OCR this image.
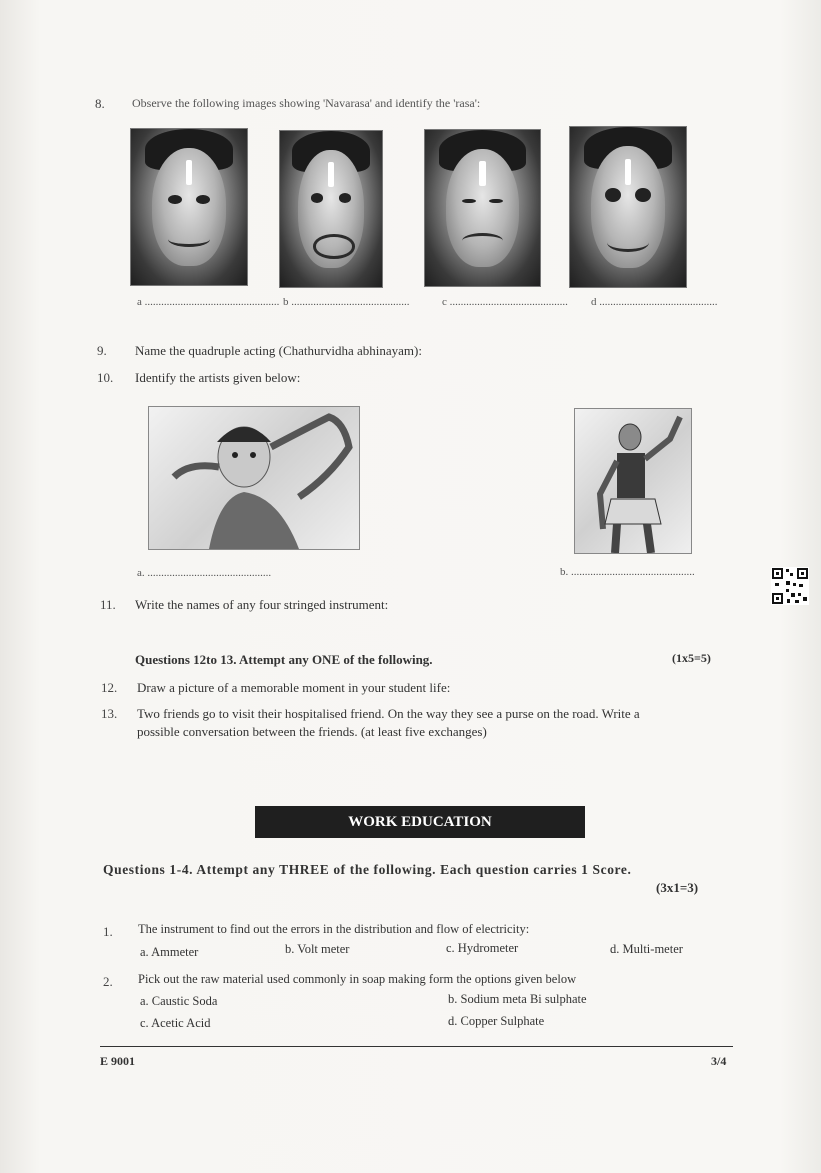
8. Observe the following images showing 'Navarasa' and identify the 'rasa':
a ................................................. b ...........................................	c ........................................... d ...........................................
9. Name the quadruple acting (Chathurvidha abhinayam):
10. Identify the artists given below:
a. .............................................	b. .............................................
11. Write the names of any four stringed instrument:
Questions 12to 13. Attempt any ONE of the following.	(1x5=5)
12. Draw a picture of a memorable moment in your student life:
13. Two friends go to visit their hospitalised friend. On the way they see a purse on the road. Write a
possible conversation between the friends. (at least five exchanges)
WORK EDUCATION
Questions 1-4. Attempt any THREE of the following. Each question carries 1 Score.
(3x1=3)
1. The instrument to find out the errors in the distribution and flow of electricity:
a. Ammeter	b. Volt meter	c. Hydrometer	d. Multi-meter
2. Pick out the raw material used commonly in soap making form the options given below
a. Caustic Soda	b. Sodium meta Bi sulphate
c. Acetic Acid	d. Copper Sulphate
E 9001	3/4
